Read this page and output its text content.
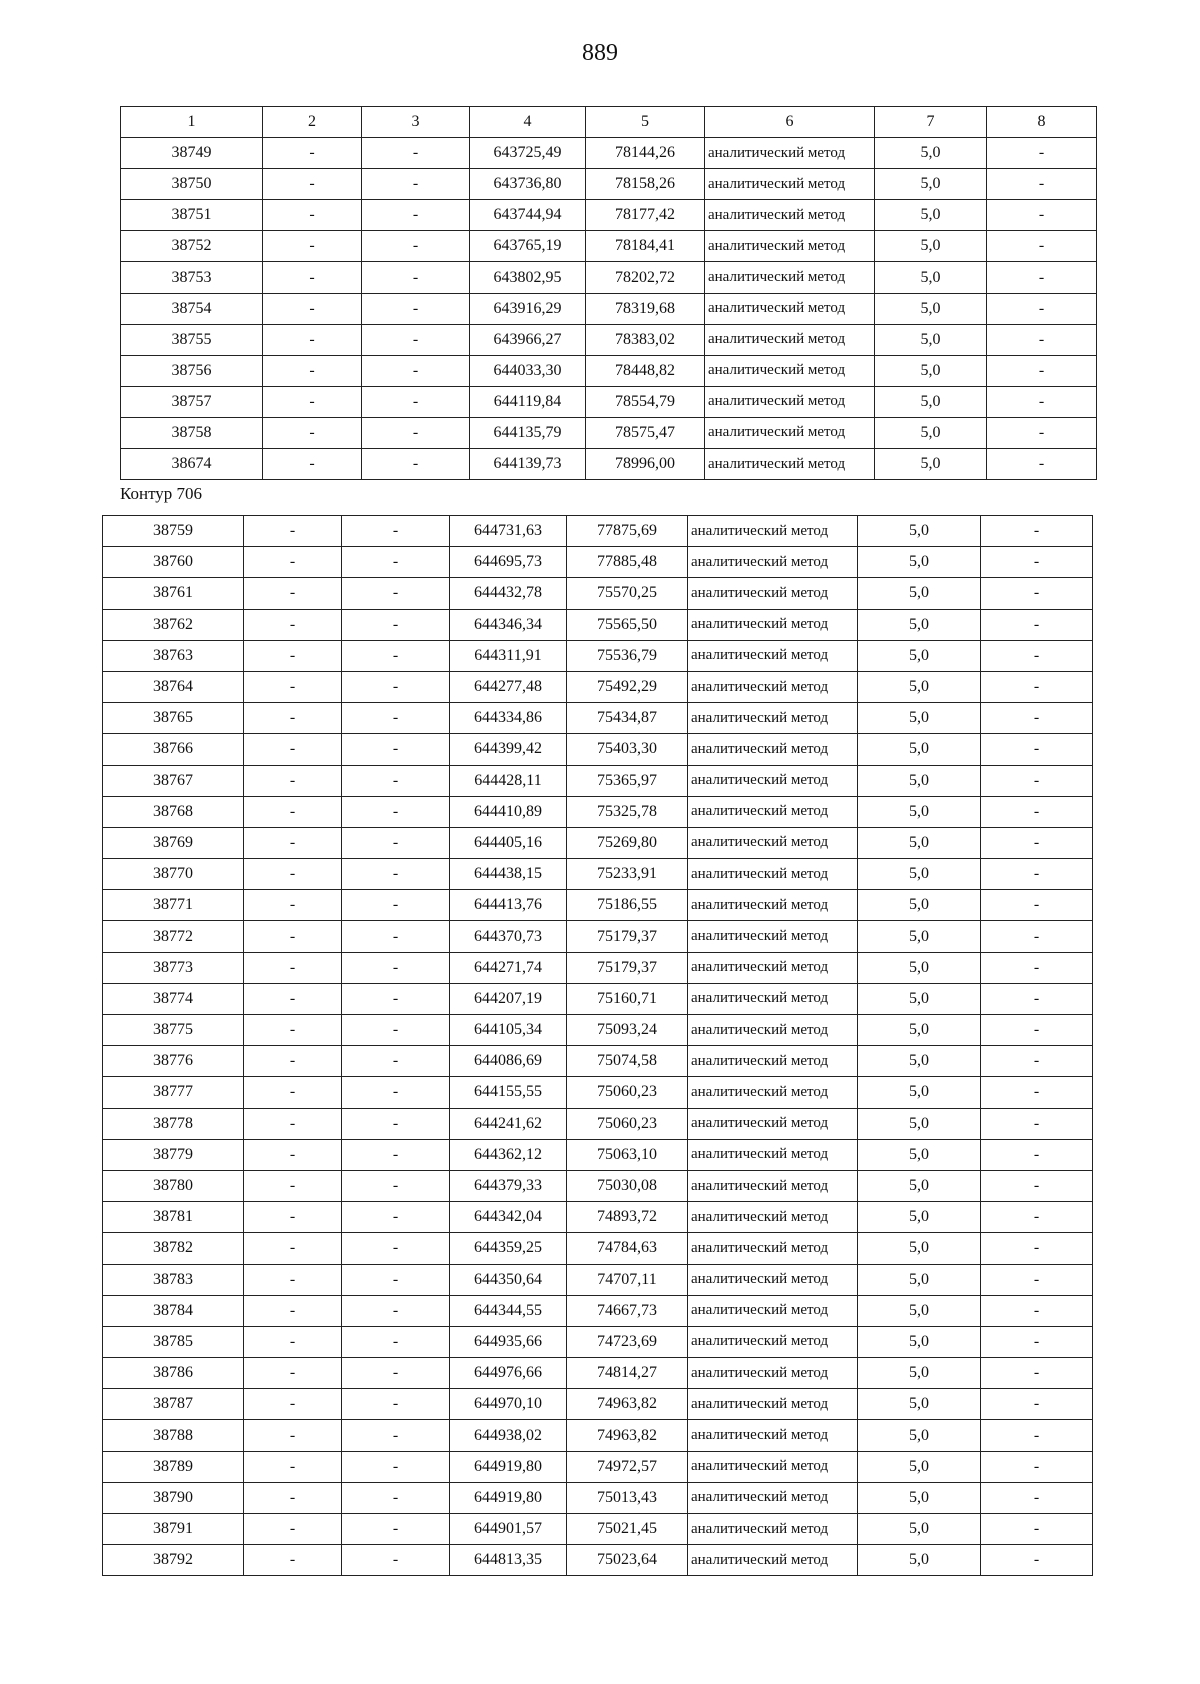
889
1	2	3	4	5	6	7	8
38749	-	-	643725,49	78144,26	аналитический метод	5,0	-
38750	-	-	643736,80	78158,26	аналитический метод	5,0	-
38751	-	-	643744,94	78177,42	аналитический метод	5,0	-
38752	-	-	643765,19	78184,41	аналитический метод	5,0	-
38753	-	-	643802,95	78202,72	аналитический метод	5,0	-
38754	-	-	643916,29	78319,68	аналитический метод	5,0	-
38755	-	-	643966,27	78383,02	аналитический метод	5,0	-
38756	-	-	644033,30	78448,82	аналитический метод	5,0	-
38757	-	-	644119,84	78554,79	аналитический метод	5,0	-
38758	-	-	644135,79	78575,47	аналитический метод	5,0	-
38674	-	-	644139,73	78996,00	аналитический метод	5,0	-
Контур 706
38759	-	-	644731,63	77875,69	аналитический метод	5,0	-
38760	-	-	644695,73	77885,48	аналитический метод	5,0	-
38761	-	-	644432,78	75570,25	аналитический метод	5,0	-
38762	-	-	644346,34	75565,50	аналитический метод	5,0	-
38763	-	-	644311,91	75536,79	аналитический метод	5,0	-
38764	-	-	644277,48	75492,29	аналитический метод	5,0	-
38765	-	-	644334,86	75434,87	аналитический метод	5,0	-
38766	-	-	644399,42	75403,30	аналитический метод	5,0	-
38767	-	-	644428,11	75365,97	аналитический метод	5,0	-
38768	-	-	644410,89	75325,78	аналитический метод	5,0	-
38769	-	-	644405,16	75269,80	аналитический метод	5,0	-
38770	-	-	644438,15	75233,91	аналитический метод	5,0	-
38771	-	-	644413,76	75186,55	аналитический метод	5,0	-
38772	-	-	644370,73	75179,37	аналитический метод	5,0	-
38773	-	-	644271,74	75179,37	аналитический метод	5,0	-
38774	-	-	644207,19	75160,71	аналитический метод	5,0	-
38775	-	-	644105,34	75093,24	аналитический метод	5,0	-
38776	-	-	644086,69	75074,58	аналитический метод	5,0	-
38777	-	-	644155,55	75060,23	аналитический метод	5,0	-
38778	-	-	644241,62	75060,23	аналитический метод	5,0	-
38779	-	-	644362,12	75063,10	аналитический метод	5,0	-
38780	-	-	644379,33	75030,08	аналитический метод	5,0	-
38781	-	-	644342,04	74893,72	аналитический метод	5,0	-
38782	-	-	644359,25	74784,63	аналитический метод	5,0	-
38783	-	-	644350,64	74707,11	аналитический метод	5,0	-
38784	-	-	644344,55	74667,73	аналитический метод	5,0	-
38785	-	-	644935,66	74723,69	аналитический метод	5,0	-
38786	-	-	644976,66	74814,27	аналитический метод	5,0	-
38787	-	-	644970,10	74963,82	аналитический метод	5,0	-
38788	-	-	644938,02	74963,82	аналитический метод	5,0	-
38789	-	-	644919,80	74972,57	аналитический метод	5,0	-
38790	-	-	644919,80	75013,43	аналитический метод	5,0	-
38791	-	-	644901,57	75021,45	аналитический метод	5,0	-
38792	-	-	644813,35	75023,64	аналитический метод	5,0	-
